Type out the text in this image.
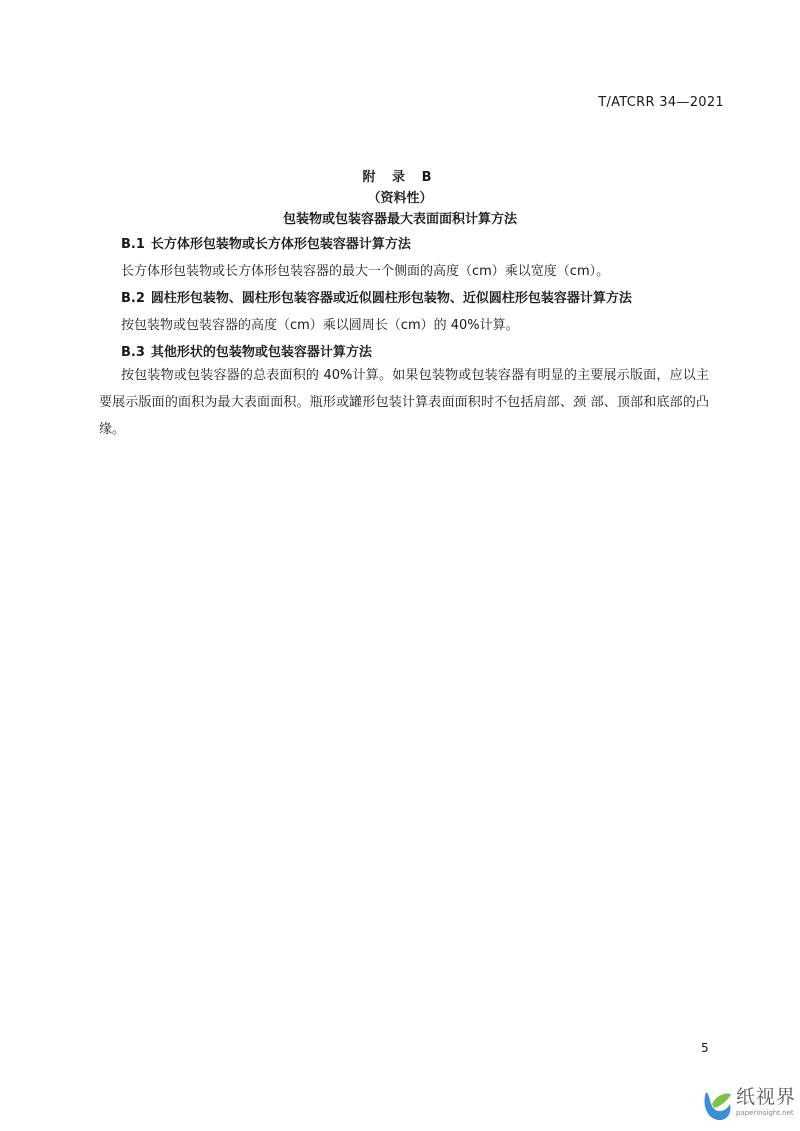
T/ATCRR 34—2021
附 录 B
（资料性）
包装物或包装容器最大表面面积计算方法
B.1 长方体形包装物或长方体形包装容器计算方法
长方体形包装物或长方体形包装容器的最大一个侧面的高度（cm）乘以宽度（cm）。
B.2 圆柱形包装物、圆柱形包装容器或近似圆柱形包装物、近似圆柱形包装容器计算方法
按包装物或包装容器的高度（cm）乘以圆周长（cm）的 40%计算。
B.3 其他形状的包装物或包装容器计算方法
按包装物或包装容器的总表面积的 40%计算。如果包装物或包装容器有明显的主要展示版面，应以主要展示版面的面积为最大表面面积。瓶形或罐形包装计算表面面积时不包括肩部、颈 部、顶部和底部的凸缘。
5
纸视界
paperinsight.net
